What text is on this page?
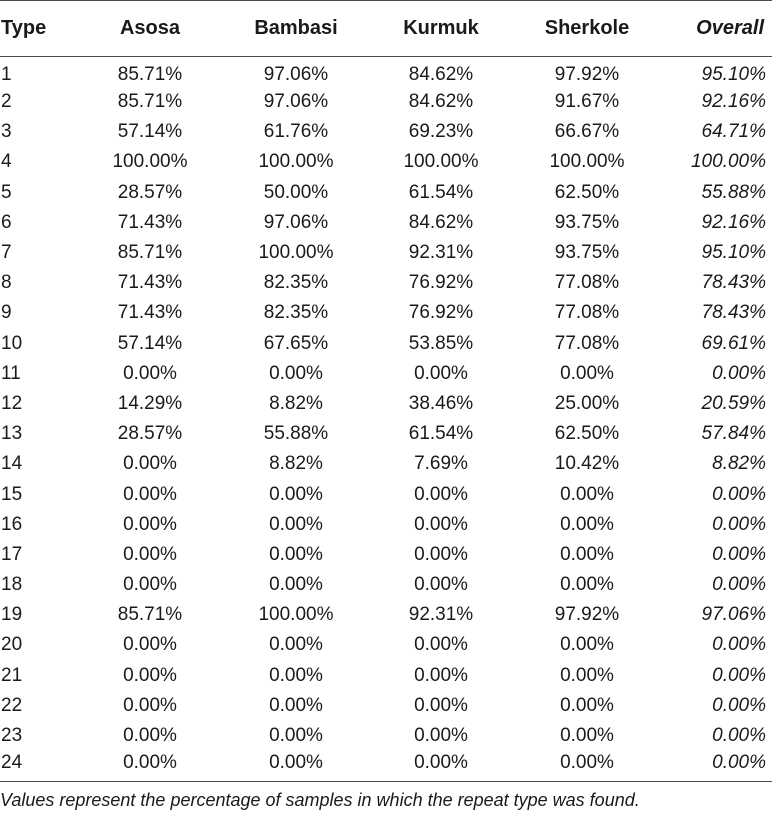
Type	Asosa	Bambasi	Kurmuk	Sherkole	Overall
1	85.71%	97.06%	84.62%	97.92%	95.10%
2	85.71%	97.06%	84.62%	91.67%	92.16%
3	57.14%	61.76%	69.23%	66.67%	64.71%
4	100.00%	100.00%	100.00%	100.00%	100.00%
5	28.57%	50.00%	61.54%	62.50%	55.88%
6	71.43%	97.06%	84.62%	93.75%	92.16%
7	85.71%	100.00%	92.31%	93.75%	95.10%
8	71.43%	82.35%	76.92%	77.08%	78.43%
9	71.43%	82.35%	76.92%	77.08%	78.43%
10	57.14%	67.65%	53.85%	77.08%	69.61%
11	0.00%	0.00%	0.00%	0.00%	0.00%
12	14.29%	8.82%	38.46%	25.00%	20.59%
13	28.57%	55.88%	61.54%	62.50%	57.84%
14	0.00%	8.82%	7.69%	10.42%	8.82%
15	0.00%	0.00%	0.00%	0.00%	0.00%
16	0.00%	0.00%	0.00%	0.00%	0.00%
17	0.00%	0.00%	0.00%	0.00%	0.00%
18	0.00%	0.00%	0.00%	0.00%	0.00%
19	85.71%	100.00%	92.31%	97.92%	97.06%
20	0.00%	0.00%	0.00%	0.00%	0.00%
21	0.00%	0.00%	0.00%	0.00%	0.00%
22	0.00%	0.00%	0.00%	0.00%	0.00%
23	0.00%	0.00%	0.00%	0.00%	0.00%
24	0.00%	0.00%	0.00%	0.00%	0.00%

Values represent the percentage of samples in which the repeat type was found.
